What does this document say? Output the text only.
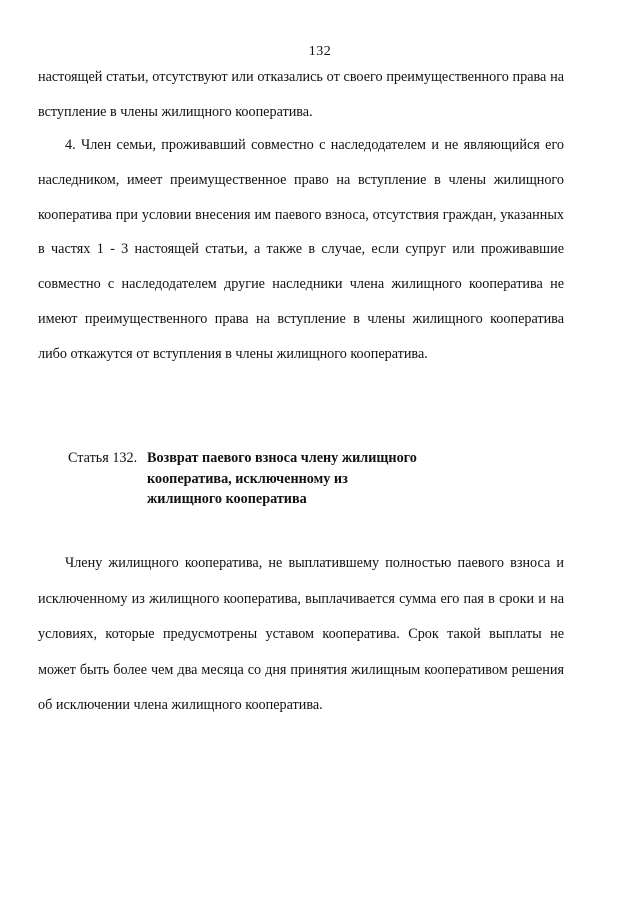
132

настоящей статьи, отсутствуют или отказались от своего преимущественного права на вступление в члены жилищного кооператива.

4. Член семьи, проживавший совместно с наследодателем и не являющийся его наследником, имеет преимущественное право на вступление в члены жилищного кооператива при условии внесения им паевого взноса, отсутствия граждан, указанных в частях 1 - 3 настоящей статьи, а также в случае, если супруг или проживавшие совместно с наследодателем другие наследники члена жилищного кооператива не имеют преимущественного права на вступление в члены жилищного кооператива либо откажутся от вступления в члены жилищного кооператива.

Статья 132. Возврат паевого взноса члену жилищного
кооператива, исключенному из
жилищного кооператива

Члену жилищного кооператива, не выплатившему полностью паевого взноса и исключенному из жилищного кооператива, выплачивается сумма его пая в сроки и на условиях, которые предусмотрены уставом кооператива. Срок такой выплаты не может быть более чем два месяца со дня принятия жилищным кооперативом решения об исключении члена жилищного кооператива.
